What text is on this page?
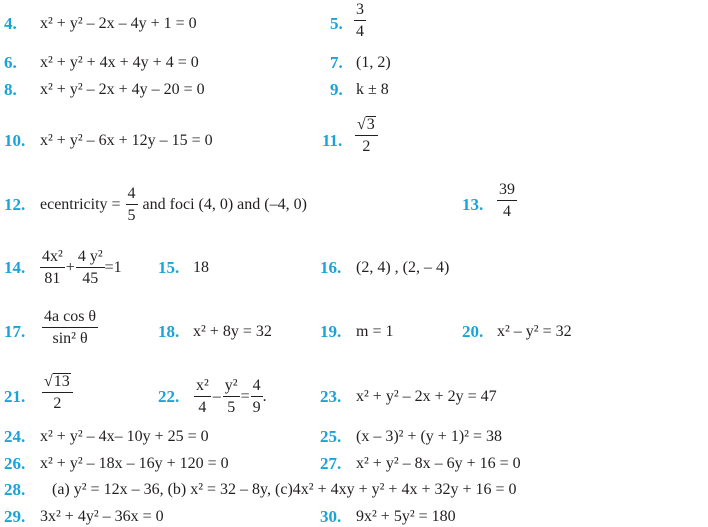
4. x² + y² – 2x – 4y + 1 = 0	5. $\frac{3}{4}$
6. x² + y² + 4x + 4y + 4 = 0	7. (1, 2)
8. x² + y² – 2x + 4y – 20 = 0	9. k ± 8
10. x² + y² – 6x + 12y – 15 = 0	11. $\frac{√3}{2}$
12. ecentricity = $\frac{4}{5}$ and foci (4, 0) and (–4, 0)	13. $\frac{39}{4}$
14. $\frac{\text{4x²}}{81} + \frac{\text{4 y²}}{45} =1$ 15. 18	16. (2, 4) , (2, – 4)
17. $\frac{\text{4a cos θ}}{\text{sin² θ}}$	18. x² + 8y = 32	19. m = 1	20. x² – y² = 32
21. $\frac{√13}{2}$	22. $\frac{\text{x²}}{4} - \frac{\text{y²}}{5} = \frac{4}{9}$ .	23. x² + y² – 2x + 2y = 47
24. x² + y² – 4x– 10y + 25 = 0	25. (x – 3)² + (y + 1)² = 38
26. x² + y² – 18x – 16y + 120 = 0	27. x² + y² – 8x – 6y + 16 = 0
28. (a) y² = 12x – 36, (b) x² = 32 – 8y, (c)4x² + 4xy + y² + 4x + 32y + 16 = 0
29. 3x² + 4y² – 36x = 0	30. 9x² + 5y² = 180
